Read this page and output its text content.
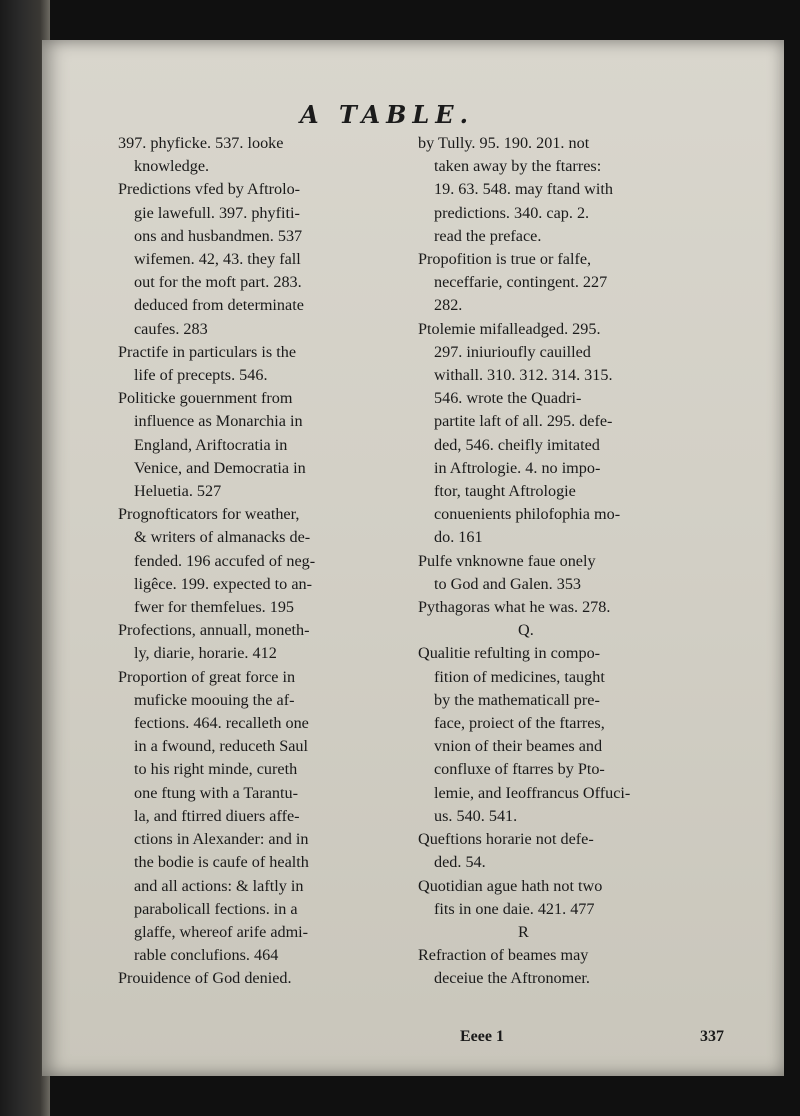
A TABLE.
397. phyficke. 537. looke
knowledge.
Predictions vfed by Aftrolo-
gie lawefull. 397. phyfiti-
ons and husbandmen. 537
wifemen. 42, 43. they fall
out for the moft part. 283.
deduced from determinate
caufes. 283
Practife in particulars is the
life of precepts. 546.
Politicke gouernment from
influence as Monarchia in
England, Ariftocratia in
Venice, and Democratia in
Heluetia. 527
Prognofticators for weather,
& writers of almanacks de-
fended. 196 accufed of neg-
ligêce. 199. expected to an-
fwer for themfelues. 195
Profections, annuall, moneth-
ly, diarie, horarie. 412
Proportion of great force in
muficke moouing the af-
fections. 464. recalleth one
in a fwound, reduceth Saul
to his right minde, cureth
one ftung with a Tarantu-
la, and ftirred diuers affe-
ctions in Alexander: and in
the bodie is caufe of health
and all actions: & laftly in
parabolicall fections. in a
glaffe, whereof arife admi-
rable conclufions. 464
Prouidence of God denied.
by Tully. 95. 190. 201. not
taken away by the ftarres:
19. 63. 548. may ftand with
predictions. 340. cap. 2.
read the preface.
Propofition is true or falfe,
neceffarie, contingent. 227
282.
Ptolemie mifalleadged. 295.
297. iniurioufly cauilled
withall. 310. 312. 314. 315.
546. wrote the Quadri-
partite laft of all. 295. defe-
ded, 546. cheifly imitated
in Aftrologie. 4. no impo-
ftor, taught Aftrologie
conuenients philofophia mo-
do. 161
Pulfe vnknowne faue onely
to God and Galen. 353
Pythagoras what he was. 278.
Q.
Qualitie refulting in compo-
fition of medicines, taught
by the mathematicall pre-
face, proiect of the ftarres,
vnion of their beames and
confluxe of ftarres by Pto-
lemie, and Ieoffrancus Offuci-
us. 540. 541.
Queftions horarie not defe-
ded. 54.
Quotidian ague hath not two
fits in one daie. 421. 477
R
Refraction of beames may
deceiue the Aftronomer.
Eeee 1	337
